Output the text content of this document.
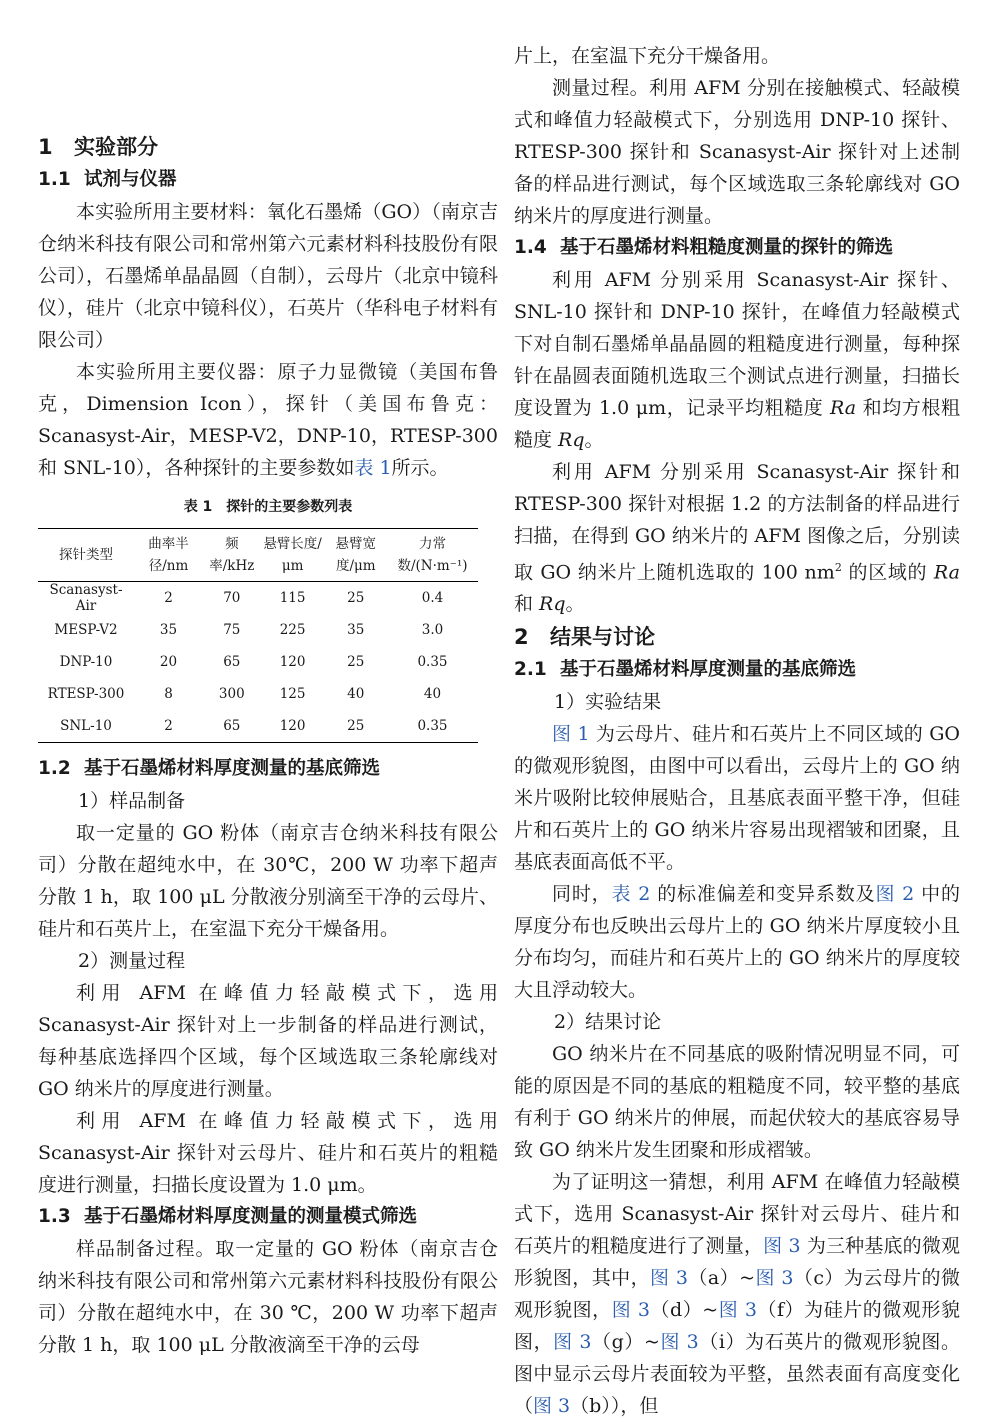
1 实验部分
1.1 试剂与仪器

本实验所用主要材料：氧化石墨烯（GO）（南京吉仓纳米科技有限公司和常州第六元素材料科技股份有限公司），石墨烯单晶晶圆（自制），云母片（北京中镜科仪），硅片（北京中镜科仪），石英片（华科电子材料有限公司）

本实验所用主要仪器：原子力显微镜（美国布鲁克，Dimension Icon），探针（美国布鲁克：Scanasyst-Air，MESP-V2，DNP-10，RTESP-300 和 SNL-10），各种探针的主要参数如表 1所示。

表 1　探针的主要参数列表
探针类型	曲率半径/nm	频率/kHz	悬臂长度/μm	悬臂宽度/μm	力常数/(N·m⁻¹)
Scanasyst-Air	2	70	115	25	0.4
MESP-V2	35	75	225	35	3.0
DNP-10	20	65	120	25	0.35
RTESP-300	8	300	125	40	40
SNL-10	2	65	120	25	0.35
1.2 基于石墨烯材料厚度测量的基底筛选
1）样品制备

取一定量的 GO 粉体（南京吉仓纳米科技有限公司）分散在超纯水中，在 30℃，200 W 功率下超声分散 1 h，取 100 μL 分散液分别滴至干净的云母片、硅片和石英片上，在室温下充分干燥备用。

2）测量过程

利用 AFM 在峰值力轻敲模式下，选用 Scanasyst-Air 探针对上一步制备的样品进行测试，每种基底选择四个区域，每个区域选取三条轮廓线对 GO 纳米片的厚度进行测量。

利用 AFM 在峰值力轻敲模式下，选用 Scanasyst-Air 探针对云母片、硅片和石英片的粗糙度进行测量，扫描长度设置为 1.0 μm。

1.3 基于石墨烯材料厚度测量的测量模式筛选

样品制备过程。取一定量的 GO 粉体（南京吉仓纳米科技有限公司和常州第六元素材料科技股份有限公司）分散在超纯水中，在 30 ℃，200 W 功率下超声分散 1 h，取 100 μL 分散液滴至干净的云母

片上，在室温下充分干燥备用。

测量过程。利用 AFM 分别在接触模式、轻敲模式和峰值力轻敲模式下，分别选用 DNP-10 探针、RTESP-300 探针和 Scanasyst-Air 探针对上述制备的样品进行测试，每个区域选取三条轮廓线对 GO 纳米片的厚度进行测量。

1.4 基于石墨烯材料粗糙度测量的探针的筛选

利用 AFM 分别采用 Scanasyst-Air 探针、SNL-10 探针和 DNP-10 探针，在峰值力轻敲模式下对自制石墨烯单晶晶圆的粗糙度进行测量，每种探针在晶圆表面随机选取三个测试点进行测量，扫描长度设置为 1.0 μm，记录平均粗糙度 Ra 和均方根粗糙度 Rq。

利用 AFM 分别采用 Scanasyst-Air 探针和 RTESP-300 探针对根据 1.2 的方法制备的样品进行扫描，在得到 GO 纳米片的 AFM 图像之后，分别读取 GO 纳米片上随机选取的 100 $nm^2$ 的区域的 Ra 和 Rq。

2 结果与讨论
2.1 基于石墨烯材料厚度测量的基底筛选
1）实验结果

图 1 为云母片、硅片和石英片上不同区域的 GO 的微观形貌图，由图中可以看出，云母片上的 GO 纳米片吸附比较伸展贴合，且基底表面平整干净，但硅片和石英片上的 GO 纳米片容易出现褶皱和团聚，且基底表面高低不平。

同时，表 2 的标准偏差和变异系数及图 2 中的厚度分布也反映出云母片上的 GO 纳米片厚度较小且分布均匀，而硅片和石英片上的 GO 纳米片的厚度较大且浮动较大。

2）结果讨论

GO 纳米片在不同基底的吸附情况明显不同，可能的原因是不同的基底的粗糙度不同，较平整的基底有利于 GO 纳米片的伸展，而起伏较大的基底容易导致 GO 纳米片发生团聚和形成褶皱。

为了证明这一猜想，利用 AFM 在峰值力轻敲模式下，选用 Scanasyst-Air 探针对云母片、硅片和石英片的粗糙度进行了测量，图 3 为三种基底的微观形貌图，其中，图 3（a）~图 3（c）为云母片的微观形貌图，图 3（d）~图 3（f）为硅片的微观形貌图，图 3（g）~图 3（i）为石英片的微观形貌图。图中显示云母片表面较为平整，虽然表面有高度变化（图 3（b）），但
